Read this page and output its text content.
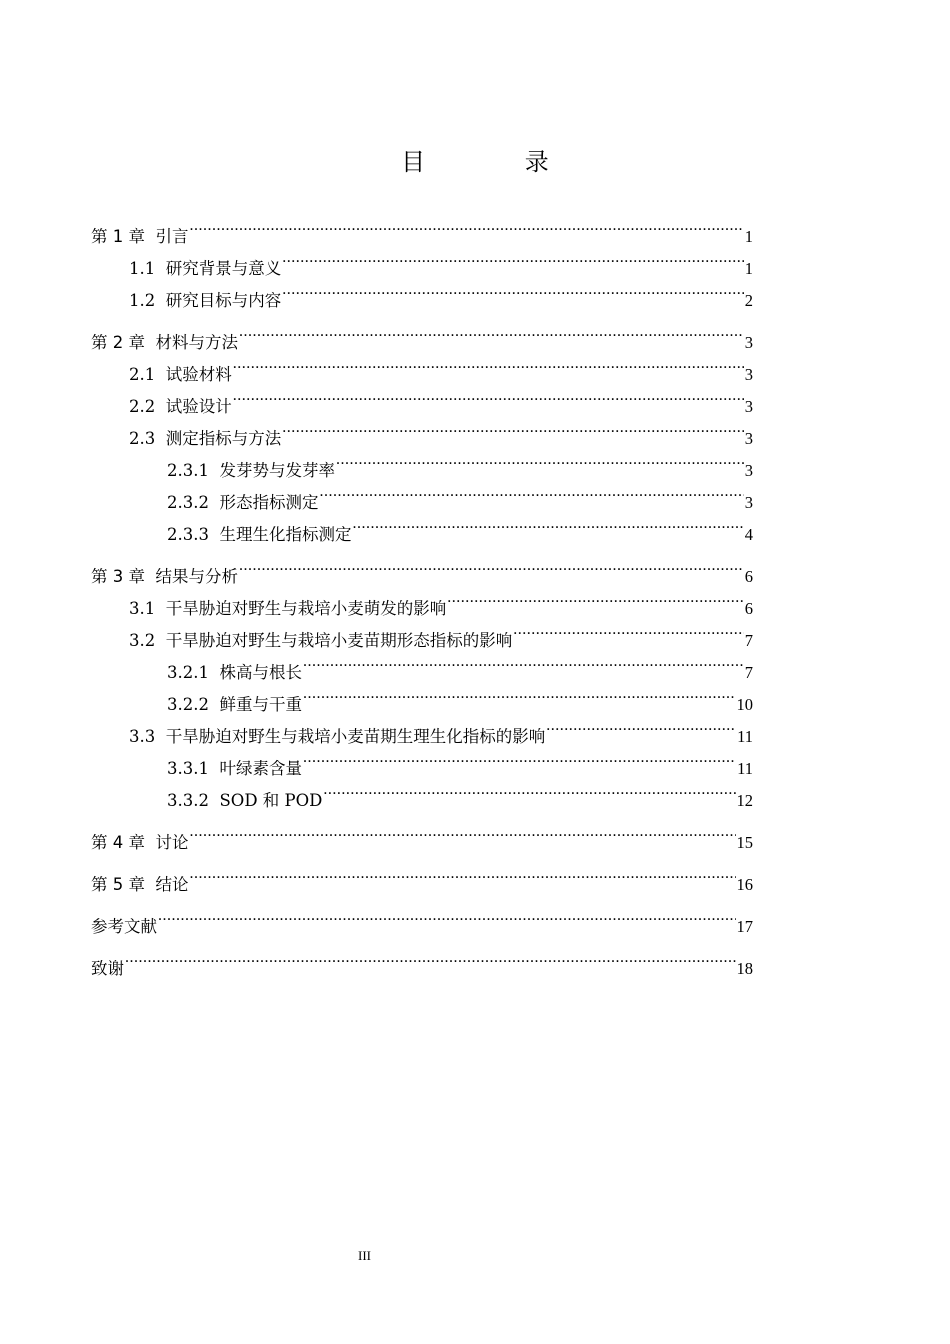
目 录
第 1 章 引言 .....	1
1.1 研究背景与意义 .....	1
1.2 研究目标与内容 .....	2
第 2 章 材料与方法 .....	3
2.1 试验材料 .....	3
2.2 试验设计 .....	3
2.3 测定指标与方法 .....	3
2.3.1 发芽势与发芽率 .....	3
2.3.2 形态指标测定 .....	3
2.3.3 生理生化指标测定 .....	4
第 3 章 结果与分析 .....	6
3.1 干旱胁迫对野生与栽培小麦萌发的影响 .....	6
3.2 干旱胁迫对野生与栽培小麦苗期形态指标的影响 .....	7
3.2.1 株高与根长 .....	7
3.2.2 鲜重与干重 .....	10
3.3 干旱胁迫对野生与栽培小麦苗期生理生化指标的影响 .....	11
3.3.1 叶绿素含量 .....	11
3.3.2 SOD 和 POD .....	12
第 4 章 讨论 .....	15
第 5 章 结论 .....	16
参考文献 .....	17
致谢 .....	18
III
